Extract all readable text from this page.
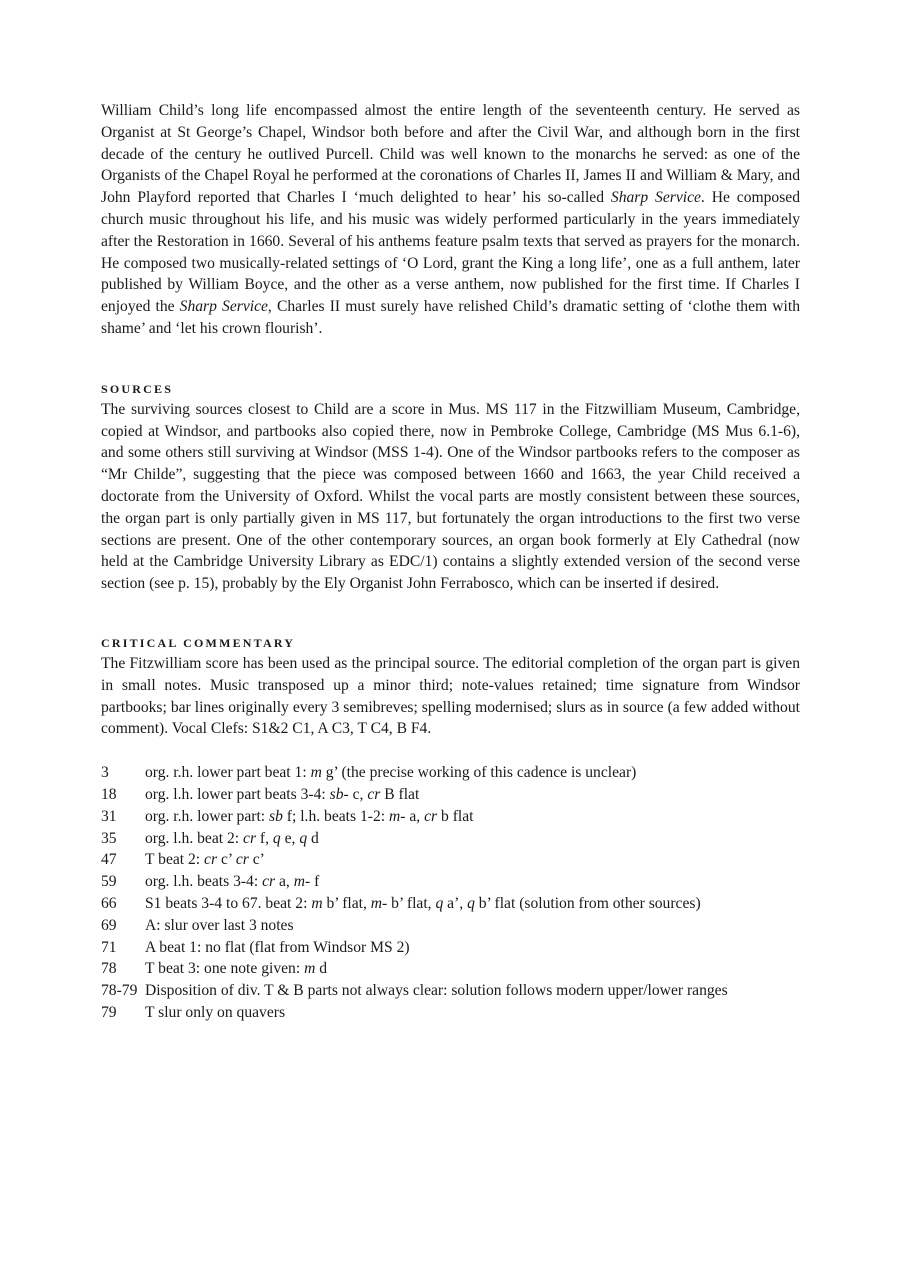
William Child’s long life encompassed almost the entire length of the seventeenth century. He served as Organist at St George’s Chapel, Windsor both before and after the Civil War, and although born in the first decade of the century he outlived Purcell. Child was well known to the monarchs he served: as one of the Organists of the Chapel Royal he performed at the coronations of Charles II, James II and William & Mary, and John Playford reported that Charles I ‘much delighted to hear’ his so-called Sharp Service. He composed church music throughout his life, and his music was widely performed particularly in the years immediately after the Restoration in 1660. Several of his anthems feature psalm texts that served as prayers for the monarch. He composed two musically-related settings of ‘O Lord, grant the King a long life’, one as a full anthem, later published by William Boyce, and the other as a verse anthem, now published for the first time. If Charles I enjoyed the Sharp Service, Charles II must surely have relished Child’s dramatic setting of ‘clothe them with shame’ and ‘let his crown flourish’.

SOURCES

The surviving sources closest to Child are a score in Mus. MS 117 in the Fitzwilliam Museum, Cambridge, copied at Windsor, and partbooks also copied there, now in Pembroke College, Cambridge (MS Mus 6.1-6), and some others still surviving at Windsor (MSS 1-4). One of the Windsor partbooks refers to the composer as “Mr Childe”, suggesting that the piece was composed between 1660 and 1663, the year Child received a doctorate from the University of Oxford. Whilst the vocal parts are mostly consistent between these sources, the organ part is only partially given in MS 117, but fortunately the organ introductions to the first two verse sections are present. One of the other contemporary sources, an organ book formerly at Ely Cathedral (now held at the Cambridge University Library as EDC/1) contains a slightly extended version of the second verse section (see p. 15), probably by the Ely Organist John Ferrabosco, which can be inserted if desired.

CRITICAL COMMENTARY

The Fitzwilliam score has been used as the principal source. The editorial completion of the organ part is given in small notes. Music transposed up a minor third; note-values retained; time signature from Windsor partbooks; bar lines originally every 3 semibreves; spelling modernised; slurs as in source (a few added without comment). Vocal Clefs: S1&2 C1, A C3, T C4, B F4.

3	org. r.h. lower part beat 1: m g’ (the precise working of this cadence is unclear)
18	org. l.h. lower part beats 3-4: sb- c, cr B flat
31	org. r.h. lower part: sb f; l.h. beats 1-2: m- a, cr b flat
35	org. l.h. beat 2: cr f, q e, q d
47	T beat 2: cr c’ cr c’
59	org. l.h. beats 3-4: cr a, m- f
66	S1 beats 3-4 to 67. beat 2: m b’ flat, m- b’ flat, q a’, q b’ flat (solution from other sources)
69	A: slur over last 3 notes
71	A beat 1: no flat (flat from Windsor MS 2)
78	T beat 3: one note given: m d
78-79 Disposition of div. T & B parts not always clear: solution follows modern upper/lower ranges
79	T slur only on quavers
